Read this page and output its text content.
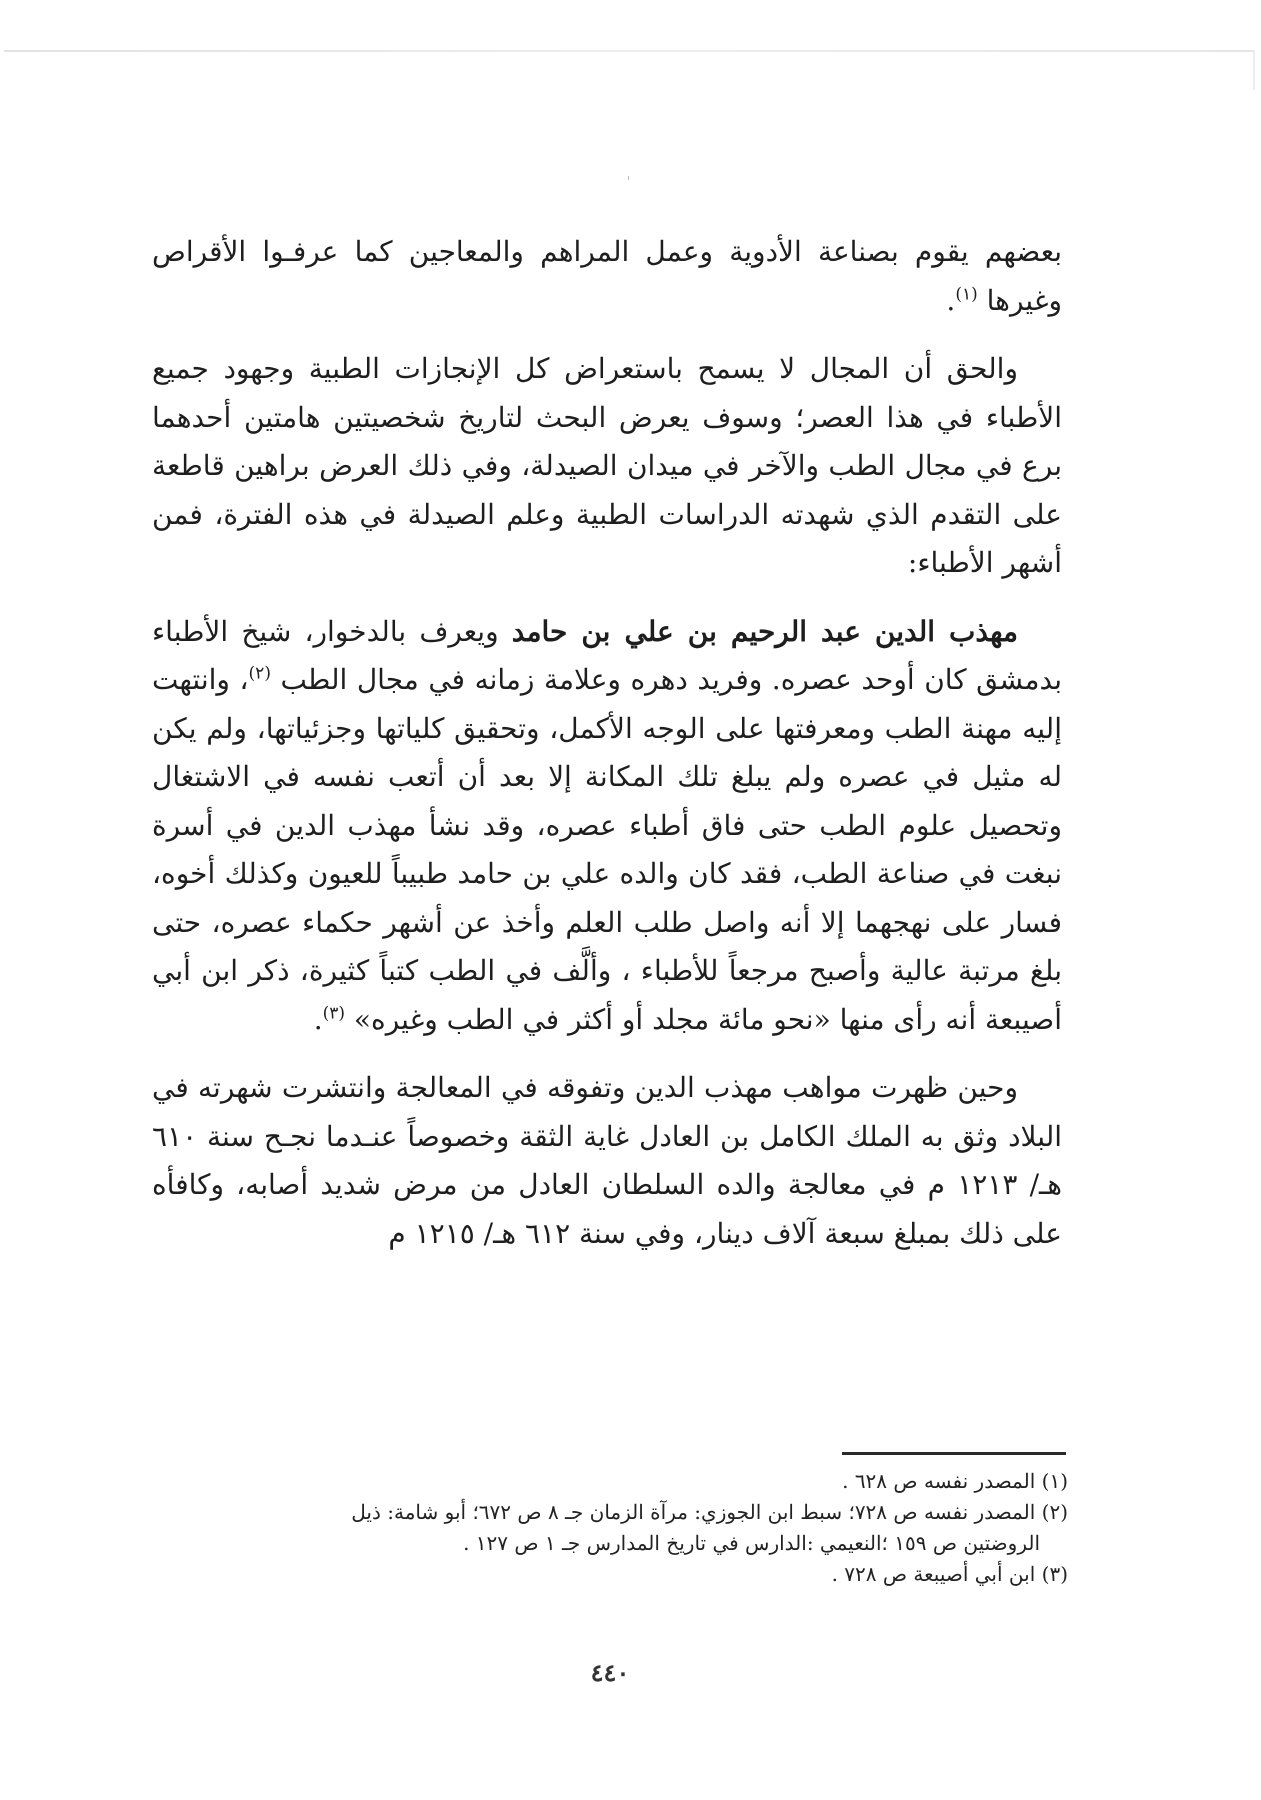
بعضهم يقوم بصناعة الأدوية وعمل المراهم والمعاجين كما عرفـوا الأقراص وغيرها $^{(١)}$.

والحق أن المجال لا يسمح باستعراض كل الإنجازات الطبية وجهود جميع الأطباء في هذا العصر؛ وسوف يعرض البحث لتاريخ شخصيتين هامتين أحدهما برع في مجال الطب والآخر في ميدان الصيدلة، وفي ذلك العرض براهين قاطعة على التقدم الذي شهدته الدراسات الطبية وعلم الصيدلة في هذه الفترة، فمن أشهر الأطباء:

مهذب الدين عبد الرحيم بن علي بن حامد ويعرف بالدخوار، شيخ الأطباء بدمشق كان أوحد عصره. وفريد دهره وعلامة زمانه في مجال الطب $^{(٢)}$، وانتهت إليه مهنة الطب ومعرفتها على الوجه الأكمل، وتحقيق كلياتها وجزئياتها، ولم يكن له مثيل في عصره ولم يبلغ تلك المكانة إلا بعد أن أتعب نفسه في الاشتغال وتحصيل علوم الطب حتى فاق أطباء عصره، وقد نشأ مهذب الدين في أسرة نبغت في صناعة الطب، فقد كان والده علي بن حامد طبيباً للعيون وكذلك أخوه، فسار على نهجهما إلا أنه واصل طلب العلم وأخذ عن أشهر حكماء عصره، حتى بلغ مرتبة عالية وأصبح مرجعاً للأطباء ، وألَّف في الطب كتباً كثيرة، ذكر ابن أبي أصيبعة أنه رأى منها «نحو مائة مجلد أو أكثر في الطب وغيره» $^{(٣)}$.

وحين ظهرت مواهب مهذب الدين وتفوقه في المعالجة وانتشرت شهرته في البلاد وثق به الملك الكامل بن العادل غاية الثقة وخصوصاً عنـدما نجـح سنة ٦١٠ هـ/ ١٢١٣ م في معالجة والده السلطان العادل من مرض شديد أصابه، وكافأه على ذلك بمبلغ سبعة آلاف دينار، وفي سنة ٦١٢ هـ/ ١٢١٥ م

(١) المصدر نفسه ص ٦٢٨ .

(٢) المصدر نفسه ص ٧٢٨؛ سبط ابن الجوزي: مرآة الزمان جـ ٨ ص ٦٧٢؛ أبو شامة: ذيل
الروضتين ص ١٥٩ ؛النعيمي :الدارس في تاريخ المدارس جـ ١ ص ١٢٧ .

(٣) ابن أبي أصيبعة ص ٧٢٨ .

٤٤٠
